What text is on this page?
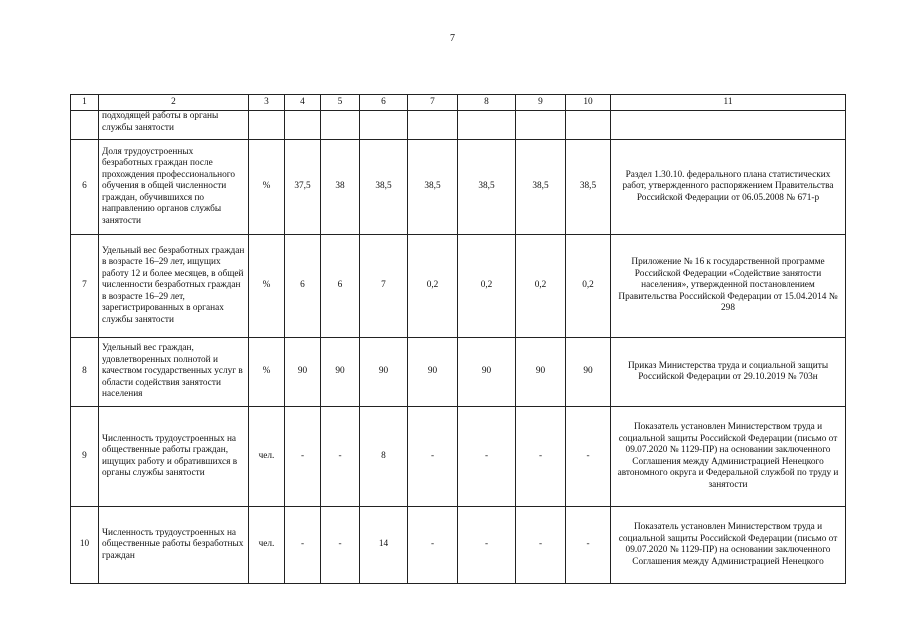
7
1	2	3	4	5	6	7	8	9	10	11
	подходящей работы в органы службы занятости									
6	Доля трудоустроенных безработных граждан после прохождения профессионального обучения в общей численности граждан, обучившихся по направлению органов службы занятости	%	37,5	38	38,5	38,5	38,5	38,5	38,5	Раздел 1.30.10. федерального плана статистических работ, утвержденного распоряжением Правительства Российской Федерации от 06.05.2008 № 671-р
7	Удельный вес безработных граждан в возрасте 16–29 лет, ищущих работу 12 и более месяцев, в общей численности безработных граждан в возрасте 16–29 лет, зарегистрированных в органах службы занятости	%	6	6	7	0,2	0,2	0,2	0,2	Приложение № 16 к государственной программе Российской Федерации «Содействие занятости населения», утвержденной постановлением Правительства Российской Федерации от 15.04.2014 № 298
8	Удельный вес граждан, удовлетворенных полнотой и качеством государственных услуг в области содействия занятости населения	%	90	90	90	90	90	90	90	Приказ Министерства труда и социальной защиты Российской Федерации от 29.10.2019 № 703н
9	Численность трудоустроенных на общественные работы граждан, ищущих работу и обратившихся в органы службы занятости	чел.	-	-	8	-	-	-	-	Показатель установлен Министерством труда и социальной защиты Российской Федерации (письмо от 09.07.2020 № 1129-ПР) на основании заключенного Соглашения между Администрацией Ненецкого автономного округа и Федеральной службой по труду и занятости
10	Численность трудоустроенных на общественные работы безработных граждан	чел.	-	-	14	-	-	-	-	Показатель установлен Министерством труда и социальной защиты Российской Федерации (письмо от 09.07.2020 № 1129-ПР) на основании заключенного Соглашения между Администрацией Ненецкого
